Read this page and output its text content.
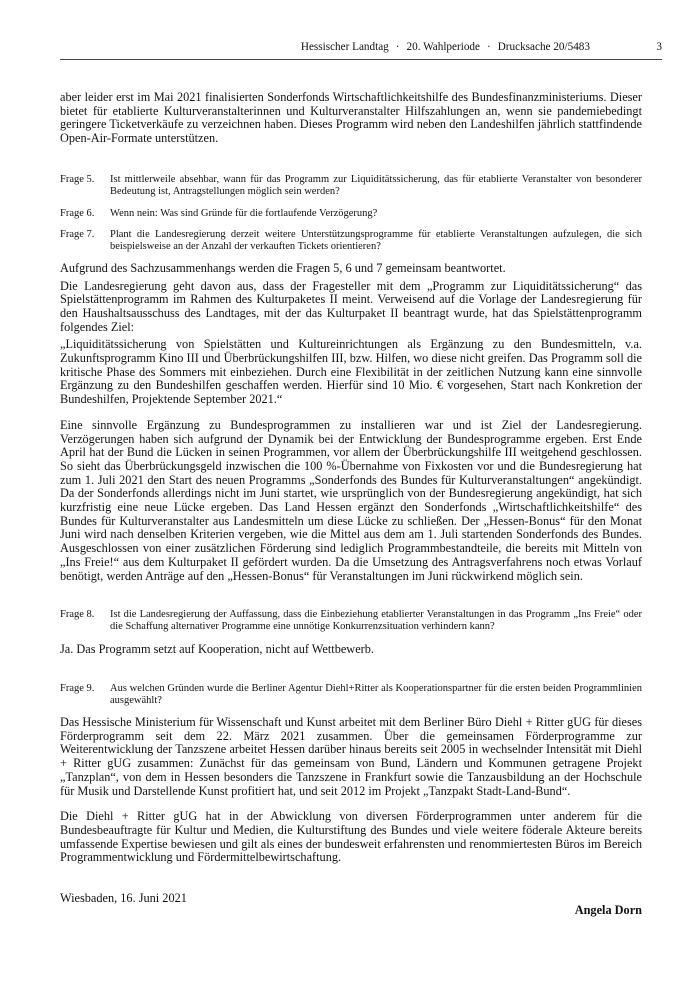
Hessischer Landtag · 20. Wahlperiode · Drucksache 20/5483	3

aber leider erst im Mai 2021 finalisierten Sonderfonds Wirtschaftlichkeitshilfe des Bundesfinanzministeriums. Dieser bietet für etablierte Kulturveranstalterinnen und Kulturveranstalter Hilfszahlungen an, wenn sie pandemiebedingt geringere Ticketverkäufe zu verzeichnen haben. Dieses Programm wird neben den Landeshilfen jährlich stattfindende Open-Air-Formate unterstützen.

Frage 5.	Ist mittlerweile absehbar, wann für das Programm zur Liquiditätssicherung, das für etablierte Veranstalter von besonderer Bedeutung ist, Antragstellungen möglich sein werden?
Frage 6.	Wenn nein: Was sind Gründe für die fortlaufende Verzögerung?
Frage 7.	Plant die Landesregierung derzeit weitere Unterstützungsprogramme für etablierte Veranstaltungen aufzulegen, die sich beispielsweise an der Anzahl der verkauften Tickets orientieren?

Aufgrund des Sachzusammenhangs werden die Fragen 5, 6 und 7 gemeinsam beantwortet.

Die Landesregierung geht davon aus, dass der Fragesteller mit dem „Programm zur Liquiditätssicherung“ das Spielstättenprogramm im Rahmen des Kulturpaketes II meint. Verweisend auf die Vorlage der Landesregierung für den Haushaltsausschuss des Landtages, mit der das Kulturpaket II beantragt wurde, hat das Spielstättenprogramm folgendes Ziel:

„Liquiditätssicherung von Spielstätten und Kultureinrichtungen als Ergänzung zu den Bundesmitteln, v.a. Zukunftsprogramm Kino III und Überbrückungshilfen III, bzw. Hilfen, wo diese nicht greifen. Das Programm soll die kritische Phase des Sommers mit einbeziehen. Durch eine Flexibilität in der zeitlichen Nutzung kann eine sinnvolle Ergänzung zu den Bundeshilfen geschaffen werden. Hierfür sind 10 Mio. € vorgesehen, Start nach Konkretion der Bundeshilfen, Projektende September 2021.“

Eine sinnvolle Ergänzung zu Bundesprogrammen zu installieren war und ist Ziel der Landesregierung. Verzögerungen haben sich aufgrund der Dynamik bei der Entwicklung der Bundesprogramme ergeben. Erst Ende April hat der Bund die Lücken in seinen Programmen, vor allem der Überbrückungshilfe III weitgehend geschlossen. So sieht das Überbrückungsgeld inzwischen die 100 %-Übernahme von Fixkosten vor und die Bundesregierung hat zum 1. Juli 2021 den Start des neuen Programms „Sonderfonds des Bundes für Kulturveranstaltungen“ angekündigt. Da der Sonderfonds allerdings nicht im Juni startet, wie ursprünglich von der Bundesregierung angekündigt, hat sich kurzfristig eine neue Lücke ergeben. Das Land Hessen ergänzt den Sonderfonds „Wirtschaftlichkeitshilfe“ des Bundes für Kulturveranstalter aus Landesmitteln um diese Lücke zu schließen. Der „Hessen-Bonus“ für den Monat Juni wird nach denselben Kriterien vergeben, wie die Mittel aus dem am 1. Juli startenden Sonderfonds des Bundes. Ausgeschlossen von einer zusätzlichen Förderung sind lediglich Programmbestandteile, die bereits mit Mitteln von „Ins Freie!“ aus dem Kulturpaket II gefördert wurden. Da die Umsetzung des Antragsverfahrens noch etwas Vorlauf benötigt, werden Anträge auf den „Hessen-Bonus“ für Veranstaltungen im Juni rückwirkend möglich sein.

Frage 8.	Ist die Landesregierung der Auffassung, dass die Einbeziehung etablierter Veranstaltungen in das Programm „Ins Freie“ oder die Schaffung alternativer Programme eine unnötige Konkurrenzsituation verhindern kann?

Ja. Das Programm setzt auf Kooperation, nicht auf Wettbewerb.

Frage 9.	Aus welchen Gründen wurde die Berliner Agentur Diehl+Ritter als Kooperationspartner für die ersten beiden Programmlinien ausgewählt?

Das Hessische Ministerium für Wissenschaft und Kunst arbeitet mit dem Berliner Büro Diehl + Ritter gUG für dieses Förderprogramm seit dem 22. März 2021 zusammen. Über die gemeinsamen Förderprogramme zur Weiterentwicklung der Tanzszene arbeitet Hessen darüber hinaus bereits seit 2005 in wechselnder Intensität mit Diehl + Ritter gUG zusammen: Zunächst für das gemeinsam von Bund, Ländern und Kommunen getragene Projekt „Tanzplan“, von dem in Hessen besonders die Tanzszene in Frankfurt sowie die Tanzausbildung an der Hochschule für Musik und Darstellende Kunst profitiert hat, und seit 2012 im Projekt „Tanzpakt Stadt-Land-Bund“.

Die Diehl + Ritter gUG hat in der Abwicklung von diversen Förderprogrammen unter anderem für die Bundesbeauftragte für Kultur und Medien, die Kulturstiftung des Bundes und viele weitere föderale Akteure bereits umfassende Expertise bewiesen und gilt als eines der bundesweit erfahrensten und renommiertesten Büros im Bereich Programmentwicklung und Fördermittelbewirtschaftung.

Wiesbaden, 16. Juni 2021
Angela Dorn
